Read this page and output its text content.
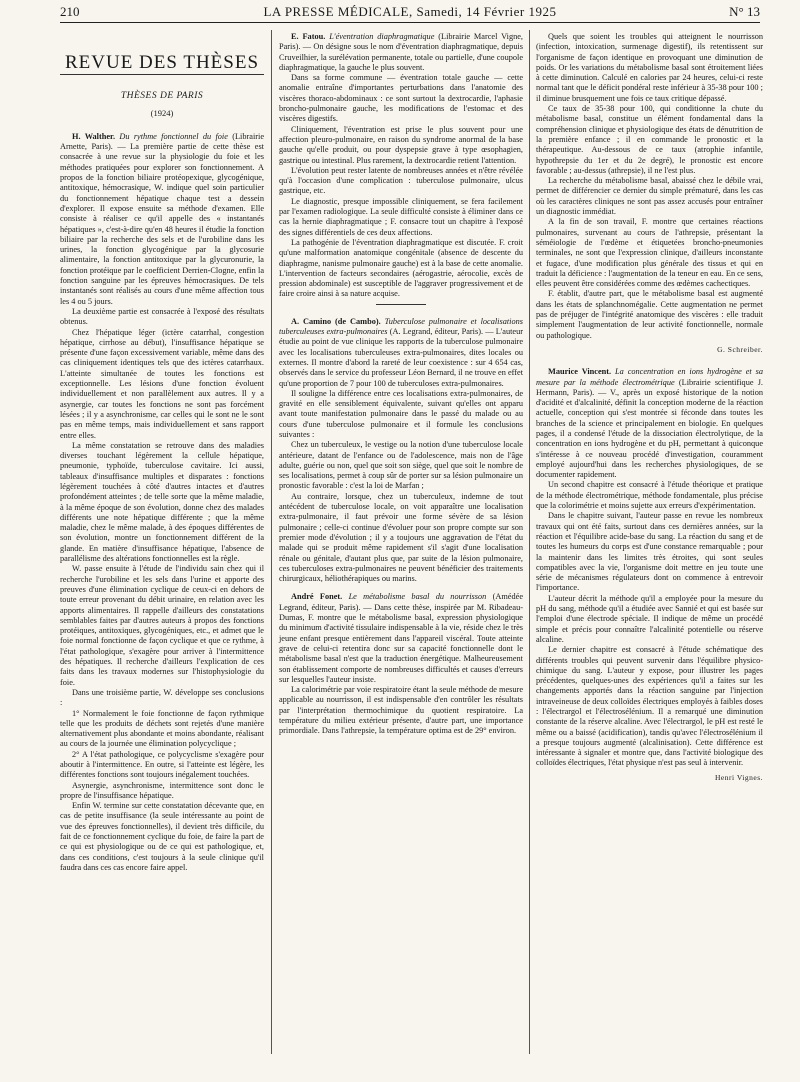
210	LA PRESSE MÉDICALE, Samedi, 14 Février 1925	N° 13
REVUE DES THÈSES
THÈSES DE PARIS
(1924)

H. Walther. Du rythme fonctionnel du foie (Librairie Arnette, Paris). — La première partie de cette thèse est consacrée à une revue sur la physiologie du foie et les méthodes pratiquées pour explorer son fonctionnement. A propos de la fonction biliaire protéopexique, glycogénique, antitoxique, hémocrasique, W. indique quel soin particulier du fonctionnement hépatique chaque test a dessein d'explorer. Il expose ensuite sa méthode d'examen. Elle consiste à réaliser ce qu'il appelle des « instantanés hépatiques », c'est-à-dire qu'en 48 heures il étudie la fonction biliaire par la recherche des sels et de l'urobiline dans les urines, la fonction glycogénique par la glycosurie alimentaire, la fonction antitoxique par la glycuronurie, la fonction protéique par le coefficient Derrien-Clogne, enfin la fonction sanguine par les épreuves hémocrasiques. De tels instantanés sont réalisés au cours d'une même affection tous les 4 ou 5 jours.

La deuxième partie est consacrée à l'exposé des résultats obtenus.

Chez l'hépatique léger (ictère catarrhal, congestion hépatique, cirrhose au début), l'insuffisance hépatique se présente d'une façon excessivement variable, même dans des cas cliniquement identiques tels que des ictères catarrhaux. L'atteinte simultanée de toutes les fonctions est exceptionnelle. Les lésions d'une fonction évoluent individuellement et non parallèlement aux autres. Il y a asynergie, car toutes les fonctions ne sont pas forcément lésées ; il y a asynchronisme, car celles qui le sont ne le sont pas en même temps, mais individuellement et sans rapport entre elles.

La même constatation se retrouve dans des maladies diverses touchant légèrement la cellule hépatique, pneumonie, typhoïde, tuberculose cavitaire. Ici aussi, tableaux d'insuffisance multiples et disparates : fonctions légèrement touchées à côté d'autres intactes et d'autres profondément atteintes ; de telle sorte que la même maladie, à la même époque de son évolution, donne chez des malades différents une note hépatique différente ; que la même maladie, chez le même malade, à des époques différentes de son évolution, montre un fonctionnement différent de la glande. En matière d'insuffisance hépatique, l'absence de parallélisme des altérations fonctionnelles est la règle.

W. passe ensuite à l'étude de l'individu sain chez qui il recherche l'urobiline et les sels dans l'urine et apporte des preuves d'une élimination cyclique de ceux-ci en dehors de toute erreur provenant du débit urinaire, en relation avec les apports alimentaires. Il rappelle d'ailleurs des constatations semblables faites par d'autres auteurs à propos des fonctions protéiques, antitoxiques, glycogéniques, etc., et admet que le foie normal fonctionne de façon cyclique et que ce rythme, à l'état pathologique, s'exagère pour arriver à l'intermittence des hépatiques. Il recherche d'ailleurs l'explication de ces faits dans les travaux modernes sur l'histophysiologie du foie.

Dans une troisième partie, W. développe ses conclusions :

1° Normalement le foie fonctionne de façon rythmique telle que les produits de déchets sont rejetés d'une manière alternativement plus abondante et moins abondante, réalisant au cours de la journée une élimination polycyclique ;

2° A l'état pathologique, ce polycyclisme s'exagère pour aboutir à l'intermittence. En outre, si l'atteinte est légère, les différentes fonctions sont toujours inégalement touchées.

Asynergie, asynchronisme, intermittence sont donc le propre de l'insuffisance hépatique.

Enfin W. termine sur cette constatation décevante que, en cas de petite insuffisance (la seule intéressante au point de vue des épreuves fonctionnelles), il devient très difficile, du fait de ce fonctionnement cyclique du foie, de faire la part de ce qui est physiologique ou de ce qui est pathologique, et, dans ces conditions, c'est toujours à la seule clinique qu'il faudra dans ces cas encore faire appel.

E. Fatou. L'éventration diaphragmatique (Librairie Marcel Vigne, Paris). — On désigne sous le nom d'éventration diaphragmatique, depuis Cruveilhier, la surélévation permanente, totale ou partielle, d'une coupole diaphragmatique, la gauche le plus souvent.

Dans sa forme commune — éventration totale gauche — cette anomalie entraîne d'importantes perturbations dans l'anatomie des viscères thoraco-abdominaux : ce sont surtout la dextrocardie, l'aphasie broncho-pulmonaire gauche, les modifications de l'estomac et des viscères digestifs.

Cliniquement, l'éventration est prise le plus souvent pour une affection pleuro-pulmonaire, en raison du syndrome anormal de la base gauche qu'elle produit, ou pour dyspepsie grave à type œsophagien, gastrique ou intestinal. Plus rarement, la dextrocardie retient l'attention.

L'évolution peut rester latente de nombreuses années et n'être révélée qu'à l'occasion d'une complication : tuberculose pulmonaire, ulcus gastrique, etc.

Le diagnostic, presque impossible cliniquement, se fera facilement par l'examen radiologique. La seule difficulté consiste à éliminer dans ce cas la hernie diaphragmatique ; F. consacre tout un chapitre à l'exposé des signes différentiels de ces deux affections.

La pathogénie de l'éventration diaphragmatique est discutée. F. croit qu'une malformation anatomique congénitale (absence de descente du diaphragme, nanisme pulmonaire gauche) est à la base de cette anomalie. L'intervention de facteurs secondaires (aérogastrie, aérocolie, excès de pression abdominale) est susceptible de l'aggraver progressivement et de faire croire ainsi à sa nature acquise.

A. Camino (de Cambo). Tuberculose pulmonaire et localisations tuberculeuses extra-pulmonaires (A. Legrand, éditeur, Paris). — L'auteur étudie au point de vue clinique les rapports de la tuberculose pulmonaire avec les localisations tuberculeuses extra-pulmonaires, dites locales ou externes. Il montre d'abord la rareté de leur coexistence : sur 4 654 cas, observés dans le service du professeur Léon Bernard, il ne trouve en effet qu'une proportion de 7 pour 100 de tuberculoses extra-pulmonaires.

Il souligne la différence entre ces localisations extra-pulmonaires, de gravité en elle sensiblement équivalente, suivant qu'elles ont apparu avant toute manifestation pulmonaire dans le passé du malade ou au cours d'une tuberculose pulmonaire et il formule les conclusions suivantes :

Chez un tuberculeux, le vestige ou la notion d'une tuberculose locale antérieure, datant de l'enfance ou de l'adolescence, mais non de l'âge adulte, guérie ou non, quel que soit son siège, quel que soit le nombre de ses localisations, permet à coup sûr de porter sur sa lésion pulmonaire un pronostic favorable : c'est la loi de Marfan ;

Au contraire, lorsque, chez un tuberculeux, indemne de tout antécédent de tuberculose locale, on voit apparaître une localisation extra-pulmonaire, il faut prévoir une forme sévère de sa lésion pulmonaire ; celle-ci continue d'évoluer pour son propre compte sur son premier mode d'évolution ; il y a toujours une aggravation de l'état du malade qui se produit même rapidement s'il s'agit d'une localisation rénale ou génitale, d'autant plus que, par suite de la lésion pulmonaire, ces tuberculoses extra-pulmonaires ne peuvent bénéficier des traitements chirurgicaux, héliothérapiques ou marins.

André Fonet. Le métabolisme basal du nourrisson (Amédée Legrand, éditeur, Paris). — Dans cette thèse, inspirée par M. Ribadeau-Dumas, F. montre que le métabolisme basal, expression physiologique du minimum d'activité tissulaire indispensable à la vie, réside chez le très jeune enfant presque entièrement dans l'appareil viscéral. Toute atteinte grave de celui-ci retentira donc sur sa capacité fonctionnelle dont le métabolisme basal n'est que la traduction énergétique. Malheureusement son établissement comporte de nombreuses difficultés et causes d'erreurs sur lesquelles l'auteur insiste.

La calorimétrie par voie respiratoire étant la seule méthode de mesure applicable au nourrisson, il est indispensable d'en contrôler les résultats par l'interprétation thermochimique du quotient respiratoire. La température du milieu extérieur présente, d'autre part, une importance primordiale. Dans l'athrepsie, la température optima est de 29° environ.

Quels que soient les troubles qui atteignent le nourrisson (infection, intoxication, surmenage digestif), ils retentissent sur l'organisme de façon identique en provoquant une diminution de poids. Or les variations du métabolisme basal sont étroitement liées à cette diminution. Calculé en calories par 24 heures, celui-ci reste normal tant que le déficit pondéral reste inférieur à 35-38 pour 100 ; il diminue brusquement une fois ce taux critique dépassé.

Ce taux de 35-38 pour 100, qui conditionne la chute du métabolisme basal, constitue un élément fondamental dans la compréhension clinique et physiologique des états de dénutrition de la première enfance ; il en commande le pronostic et la thérapeutique. Au-dessous de ce taux (atrophie infantile, hypothrepsie du 1er et du 2e degré), le pronostic est encore favorable ; au-dessus (athrepsie), il ne l'est plus.

La recherche du métabolisme basal, abaissé chez le débile vrai, permet de différencier ce dernier du simple prématuré, dans les cas où les caractères cliniques ne sont pas assez accusés pour entraîner un diagnostic immédiat.

A la fin de son travail, F. montre que certaines réactions pulmonaires, survenant au cours de l'athrepsie, présentant la séméiologie de l'œdème et étiquetées broncho-pneumonies terminales, ne sont que l'expression clinique, d'ailleurs inconstante et fugace, d'une modification plus générale des tissus et qui en traduit la déficience : l'augmentation de la teneur en eau. En ce sens, elles peuvent être considérées comme des œdèmes cachectiques.

F. établit, d'autre part, que le métabolisme basal est augmenté dans les états de splanchnomégalie. Cette augmentation ne permet pas de préjuger de l'intégrité anatomique des viscères : elle traduit simplement l'augmentation de leur activité fonctionnelle, normale ou pathologique.

G. Schreiber.

Maurice Vincent. La concentration en ions hydrogène et sa mesure par la méthode électrométrique (Librairie scientifique J. Hermann, Paris). — V., après un exposé historique de la notion d'acidité et d'alcalinité, définit la conception moderne de la réaction actuelle, conception qui s'est montrée si féconde dans toutes les branches de la science et principalement en biologie. En quelques pages, il a condensé l'étude de la dissociation électrolytique, de la concentration en ions hydrogène et du pH, permettant à quiconque s'intéresse à ce nouveau procédé d'investigation, couramment employé aujourd'hui dans les recherches physiologiques, de se documenter rapidement.

Un second chapitre est consacré à l'étude théorique et pratique de la méthode électrométrique, méthode fondamentale, plus précise que la colorimétrie et moins sujette aux erreurs d'expérimentation.

Dans le chapitre suivant, l'auteur passe en revue les nombreux travaux qui ont été faits, surtout dans ces dernières années, sur la réaction et l'équilibre acide-base du sang. La réaction du sang et de toutes les humeurs du corps est d'une constance remarquable ; pour la maintenir dans les limites très étroites, qui sont seules compatibles avec la vie, l'organisme doit mettre en jeu toute une série de mécanismes régulateurs dont on commence à entrevoir l'importance.

L'auteur décrit la méthode qu'il a employée pour la mesure du pH du sang, méthode qu'il a étudiée avec Sannié et qui est basée sur l'emploi d'une électrode spéciale. Il indique de même un procédé simple et précis pour connaître l'alcalinité potentielle ou réserve alcaline.

Le dernier chapitre est consacré à l'étude schématique des différents troubles qui peuvent survenir dans l'équilibre physico-chimique du sang. L'auteur y expose, pour illustrer les pages précédentes, quelques-unes des expériences qu'il a faites sur les changements apportés dans la réaction sanguine par l'injection intraveineuse de deux colloïdes électriques employés à faibles doses : l'électrargol et l'électrosélénium. Il a remarqué une diminution constante de la réserve alcaline. Avec l'électrargol, le pH est resté le même ou a baissé (acidification), tandis qu'avec l'électrosélénium il a presque toujours augmenté (alcalinisation). Cette différence est intéressante à signaler et montre que, dans l'activité biologique des colloïdes électriques, l'état physique n'est pas seul à intervenir.

Henri Vignes.
